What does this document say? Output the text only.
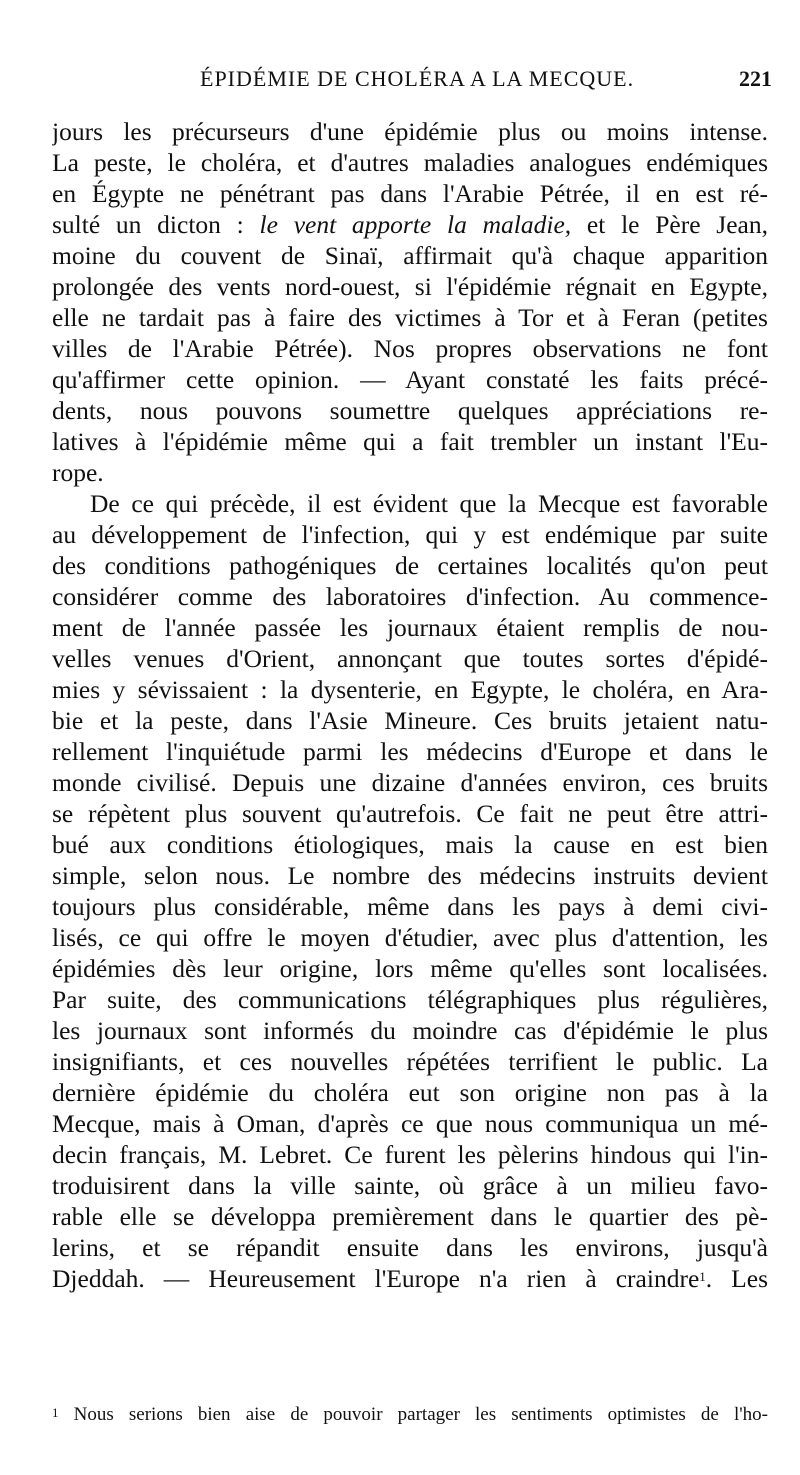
ÉPIDÉMIE DE CHOLÉRA A LA MECQUE.	221
jours les précurseurs d'une épidémie plus ou moins intense.
La peste, le choléra, et d'autres maladies analogues endémiques
en Égypte ne pénétrant pas dans l'Arabie Pétrée, il en est ré-
sulté un dicton : le vent apporte la maladie, et le Père Jean,
moine du couvent de Sinaï, affirmait qu'à chaque apparition
prolongée des vents nord-ouest, si l'épidémie régnait en Egypte,
elle ne tardait pas à faire des victimes à Tor et à Feran (petites
villes de l'Arabie Pétrée). Nos propres observations ne font
qu'affirmer cette opinion. — Ayant constaté les faits précé-
dents, nous pouvons soumettre quelques appréciations re-
latives à l'épidémie même qui a fait trembler un instant l'Eu-
rope.
De ce qui précède, il est évident que la Mecque est favorable
au développement de l'infection, qui y est endémique par suite
des conditions pathogéniques de certaines localités qu'on peut
considérer comme des laboratoires d'infection. Au commence-
ment de l'année passée les journaux étaient remplis de nou-
velles venues d'Orient, annonçant que toutes sortes d'épidé-
mies y sévissaient : la dysenterie, en Egypte, le choléra, en Ara-
bie et la peste, dans l'Asie Mineure. Ces bruits jetaient natu-
rellement l'inquiétude parmi les médecins d'Europe et dans le
monde civilisé. Depuis une dizaine d'années environ, ces bruits
se répètent plus souvent qu'autrefois. Ce fait ne peut être attri-
bué aux conditions étiologiques, mais la cause en est bien
simple, selon nous. Le nombre des médecins instruits devient
toujours plus considérable, même dans les pays à demi civi-
lisés, ce qui offre le moyen d'étudier, avec plus d'attention, les
épidémies dès leur origine, lors même qu'elles sont localisées.
Par suite, des communications télégraphiques plus régulières,
les journaux sont informés du moindre cas d'épidémie le plus
insignifiants, et ces nouvelles répétées terrifient le public. La
dernière épidémie du choléra eut son origine non pas à la
Mecque, mais à Oman, d'après ce que nous communiqua un mé-
decin français, M. Lebret. Ce furent les pèlerins hindous qui l'in-
troduisirent dans la ville sainte, où grâce à un milieu favo-
rable elle se développa premièrement dans le quartier des pè-
lerins, et se répandit ensuite dans les environs, jusqu'à
Djeddah. — Heureusement l'Europe n'a rien à craindre$^1$. Les
$^1$ Nous serions bien aise de pouvoir partager les sentiments optimistes de l'ho-
